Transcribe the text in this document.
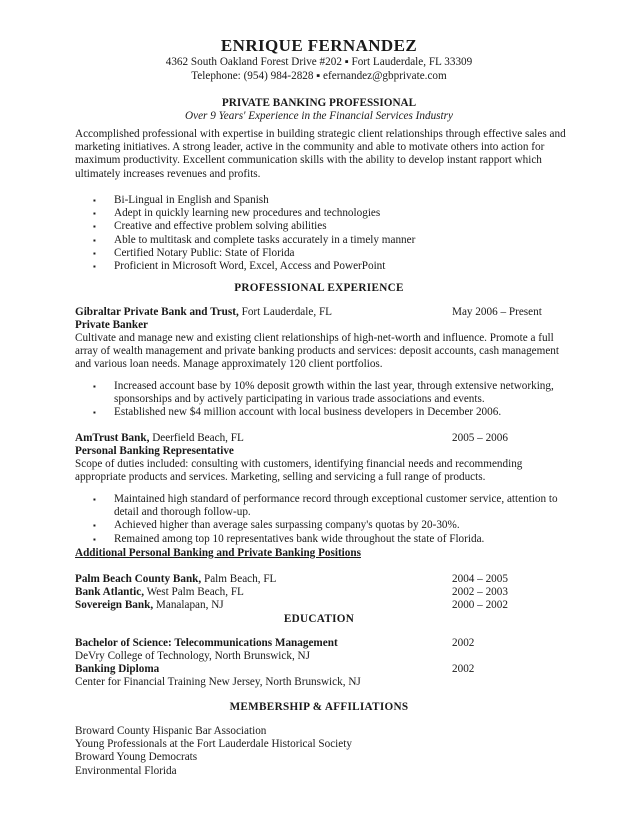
ENRIQUE FERNANDEZ
4362 South Oakland Forest Drive #202 ▪ Fort Lauderdale, FL 33309
Telephone: (954) 984-2828 ▪ efernandez@gbprivate.com
PRIVATE BANKING PROFESSIONAL
Over 9 Years' Experience in the Financial Services Industry
Accomplished professional with expertise in building strategic client relationships through effective sales and marketing initiatives. A strong leader, active in the community and able to motivate others into action for maximum productivity. Excellent communication skills with the ability to develop instant rapport which ultimately increases revenues and profits.
▪ Bi-Lingual in English and Spanish
▪ Adept in quickly learning new procedures and technologies
▪ Creative and effective problem solving abilities
▪ Able to multitask and complete tasks accurately in a timely manner
▪ Certified Notary Public: State of Florida
▪ Proficient in Microsoft Word, Excel, Access and PowerPoint
PROFESSIONAL EXPERIENCE
Gibraltar Private Bank and Trust, Fort Lauderdale, FL	May 2006 – Present
Private Banker
Cultivate and manage new and existing client relationships of high-net-worth and influence. Promote a full array of wealth management and private banking products and services: deposit accounts, cash management and various loan needs. Manage approximately 120 client portfolios.
▪ Increased account base by 10% deposit growth within the last year, through extensive networking, sponsorships and by actively participating in various trade associations and events.
▪ Established new $4 million account with local business developers in December 2006.
AmTrust Bank, Deerfield Beach, FL	2005 – 2006
Personal Banking Representative
Scope of duties included: consulting with customers, identifying financial needs and recommending appropriate products and services. Marketing, selling and servicing a full range of products.
▪ Maintained high standard of performance record through exceptional customer service, attention to detail and thorough follow-up.
▪ Achieved higher than average sales surpassing company's quotas by 20-30%.
▪ Remained among top 10 representatives bank wide throughout the state of Florida.
Additional Personal Banking and Private Banking Positions
Palm Beach County Bank, Palm Beach, FL	2004 – 2005
Bank Atlantic, West Palm Beach, FL	2002 – 2003
Sovereign Bank, Manalapan, NJ	2000 – 2002
EDUCATION
Bachelor of Science: Telecommunications Management	2002
DeVry College of Technology, North Brunswick, NJ
Banking Diploma	2002
Center for Financial Training New Jersey, North Brunswick, NJ
MEMBERSHIP & AFFILIATIONS
Broward County Hispanic Bar Association
Young Professionals at the Fort Lauderdale Historical Society
Broward Young Democrats
Environmental Florida
